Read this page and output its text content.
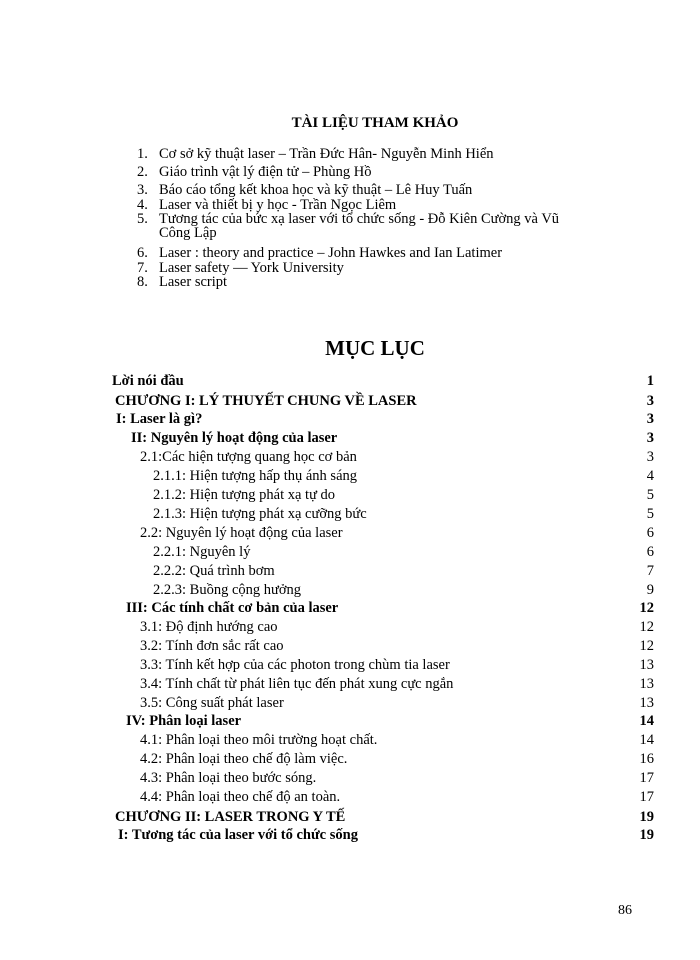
TÀI LIỆU THAM KHẢO
1. Cơ sở kỹ thuật laser – Trần Đức Hân- Nguyễn Minh Hiển
2. Giáo trình vật lý điện tử – Phùng Hồ
3. Báo cáo tổng kết khoa học và kỹ thuật – Lê Huy Tuấn
4. Laser và thiết bị y học - Trần Ngọc Liêm
5. Tương tác của bức xạ laser với tổ chức sống - Đỗ Kiên Cường và Vũ
Công Lập
6. Laser : theory and practice – John Hawkes and Ian Latimer
7. Laser safety — York University
8. Laser script
MỤC LỤC
Lời nói đầu	1
CHƯƠNG I: LÝ THUYẾT CHUNG VỀ LASER	3
I: Laser là gì?	3
II: Nguyên lý hoạt động của laser	3
2.1:Các hiện tượng quang học cơ bản	3
2.1.1: Hiện tượng hấp thụ ánh sáng	4
2.1.2: Hiện tượng phát xạ tự do	5
2.1.3: Hiện tượng phát xạ cưỡng bức	5
2.2: Nguyên lý hoạt động của laser	6
2.2.1: Nguyên lý	6
2.2.2: Quá trình bơm	7
2.2.3: Buồng cộng hưởng	9
III: Các tính chất cơ bản của laser	12
3.1: Độ định hướng cao	12
3.2: Tính đơn sắc rất cao	12
3.3: Tính kết hợp của các photon trong chùm tia laser	13
3.4: Tính chất từ phát liên tục đến phát xung cực ngắn	13
3.5: Công suất phát laser	13
IV: Phân loại laser	14
4.1: Phân loại theo môi trường hoạt chất.	14
4.2: Phân loại theo chế độ làm việc.	16
4.3: Phân loại theo bước sóng.	17
4.4: Phân loại theo chế độ an toàn.	17
CHƯƠNG II: LASER TRONG Y TẾ	19
I: Tương tác của laser với tổ chức sống	19
86
